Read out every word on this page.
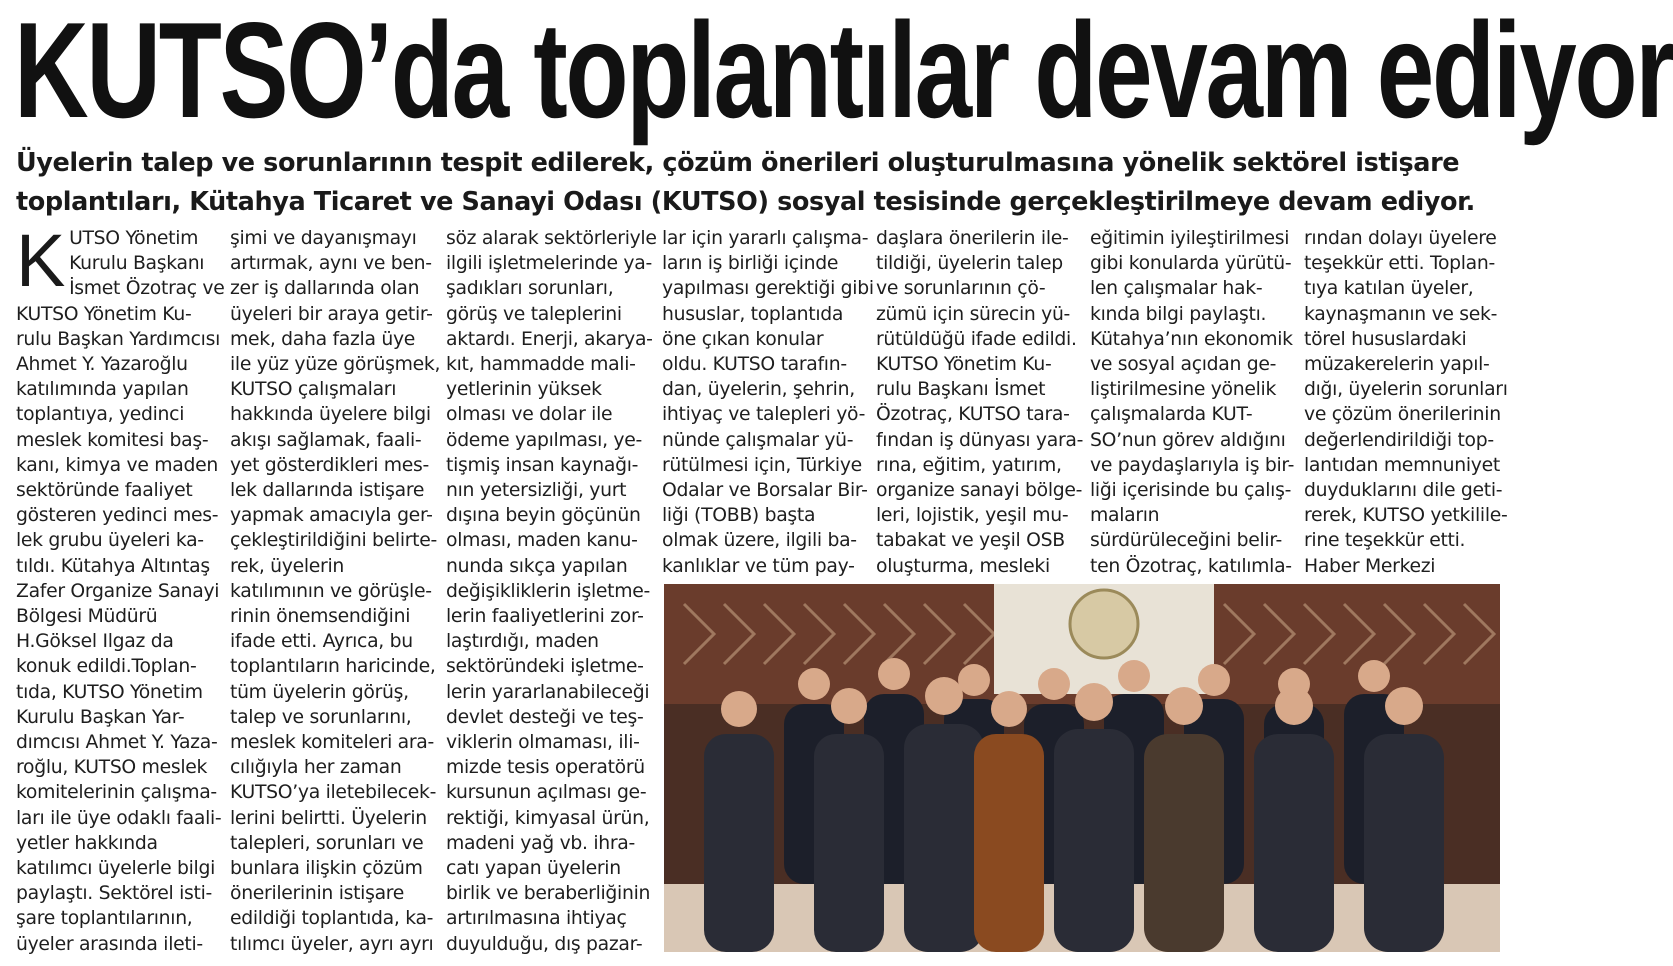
KUTSO’da toplantılar devam ediyor

Üyelerin talep ve sorunlarının tespit edilerek, çözüm önerileri oluşturulmasına yönelik sektörel istişare toplantıları, Kütahya Ticaret ve Sanayi Odası (KUTSO) sosyal tesisinde gerçekleştirilmeye devam ediyor.

K UTSO Yönetim
Kurulu Başkanı
İsmet Özotraç ve
KUTSO Yönetim Ku-
rulu Başkan Yardımcısı
Ahmet Y. Yazaroğlu
katılımında yapılan
toplantıya, yedinci
meslek komitesi baş-
kanı, kimya ve maden
sektöründe faaliyet
gösteren yedinci mes-
lek grubu üyeleri ka-
tıldı. Kütahya Altıntaş
Zafer Organize Sanayi
Bölgesi Müdürü
H.Göksel Ilgaz da
konuk edildi.Toplan-
tıda, KUTSO Yönetim
Kurulu Başkan Yar-
dımcısı Ahmet Y. Yaza-
roğlu, KUTSO meslek
komitelerinin çalışma-
ları ile üye odaklı faali-
yetler hakkında
katılımcı üyelerle bilgi
paylaştı. Sektörel isti-
şare toplantılarının,
üyeler arasında ileti-
şimi ve dayanışmayı
artırmak, aynı ve ben-
zer iş dallarında olan
üyeleri bir araya getir-
mek, daha fazla üye
ile yüz yüze görüşmek,
KUTSO çalışmaları
hakkında üyelere bilgi
akışı sağlamak, faali-
yet gösterdikleri mes-
lek dallarında istişare
yapmak amacıyla ger-
çekleştirildiğini belirte-
rek, üyelerin
katılımının ve görüşle-
rinin önemsendiğini
ifade etti. Ayrıca, bu
toplantıların haricinde,
tüm üyelerin görüş,
talep ve sorunlarını,
meslek komiteleri ara-
cılığıyla her zaman
KUTSO’ya iletebilecek-
lerini belirtti. Üyelerin
talepleri, sorunları ve
bunlara ilişkin çözüm
önerilerinin istişare
edildiği toplantıda, ka-
tılımcı üyeler, ayrı ayrı
söz alarak sektörleriyle
ilgili işletmelerinde ya-
şadıkları sorunları,
görüş ve taleplerini
aktardı. Enerji, akarya-
kıt, hammadde mali-
yetlerinin yüksek
olması ve dolar ile
ödeme yapılması, ye-
tişmiş insan kaynağı-
nın yetersizliği, yurt
dışına beyin göçünün
olması, maden kanu-
nunda sıkça yapılan
değişikliklerin işletme-
lerin faaliyetlerini zor-
laştırdığı, maden
sektöründeki işletme-
lerin yararlanabileceği
devlet desteği ve teş-
viklerin olmaması, ili-
mizde tesis operatörü
kursunun açılması ge-
rektiği, kimyasal ürün,
madeni yağ vb. ihra-
catı yapan üyelerin
birlik ve beraberliğinin
artırılmasına ihtiyaç
duyulduğu, dış pazar-
lar için yararlı çalışma-
ların iş birliği içinde
yapılması gerektiği gibi
hususlar, toplantıda
öne çıkan konular
oldu. KUTSO tarafın-
dan, üyelerin, şehrin,
ihtiyaç ve talepleri yö-
nünde çalışmalar yü-
rütülmesi için, Türkiye
Odalar ve Borsalar Bir-
liği (TOBB) başta
olmak üzere, ilgili ba-
kanlıklar ve tüm pay-
daşlara önerilerin ile-
tildiği, üyelerin talep
ve sorunlarının çö-
zümü için sürecin yü-
rütüldüğü ifade edildi.
KUTSO Yönetim Ku-
rulu Başkanı İsmet
Özotraç, KUTSO tara-
fından iş dünyası yara-
rına, eğitim, yatırım,
organize sanayi bölge-
leri, lojistik, yeşil mu-
tabakat ve yeşil OSB
oluşturma, mesleki
eğitimin iyileştirilmesi
gibi konularda yürütü-
len çalışmalar hak-
kında bilgi paylaştı.
Kütahya’nın ekonomik
ve sosyal açıdan ge-
liştirilmesine yönelik
çalışmalarda KUT-
SO’nun görev aldığını
ve paydaşlarıyla iş bir-
liği içerisinde bu çalış-
maların
sürdürüleceğini belir-
ten Özotraç, katılımla-
rından dolayı üyelere
teşekkür etti. Toplan-
tıya katılan üyeler,
kaynaşmanın ve sek-
törel hususlardaki
müzakerelerin yapıl-
dığı, üyelerin sorunları
ve çözüm önerilerinin
değerlendirildiği top-
lantıdan memnuniyet
duyduklarını dile geti-
rerek, KUTSO yetkilile-
rine teşekkür etti.
Haber Merkezi
